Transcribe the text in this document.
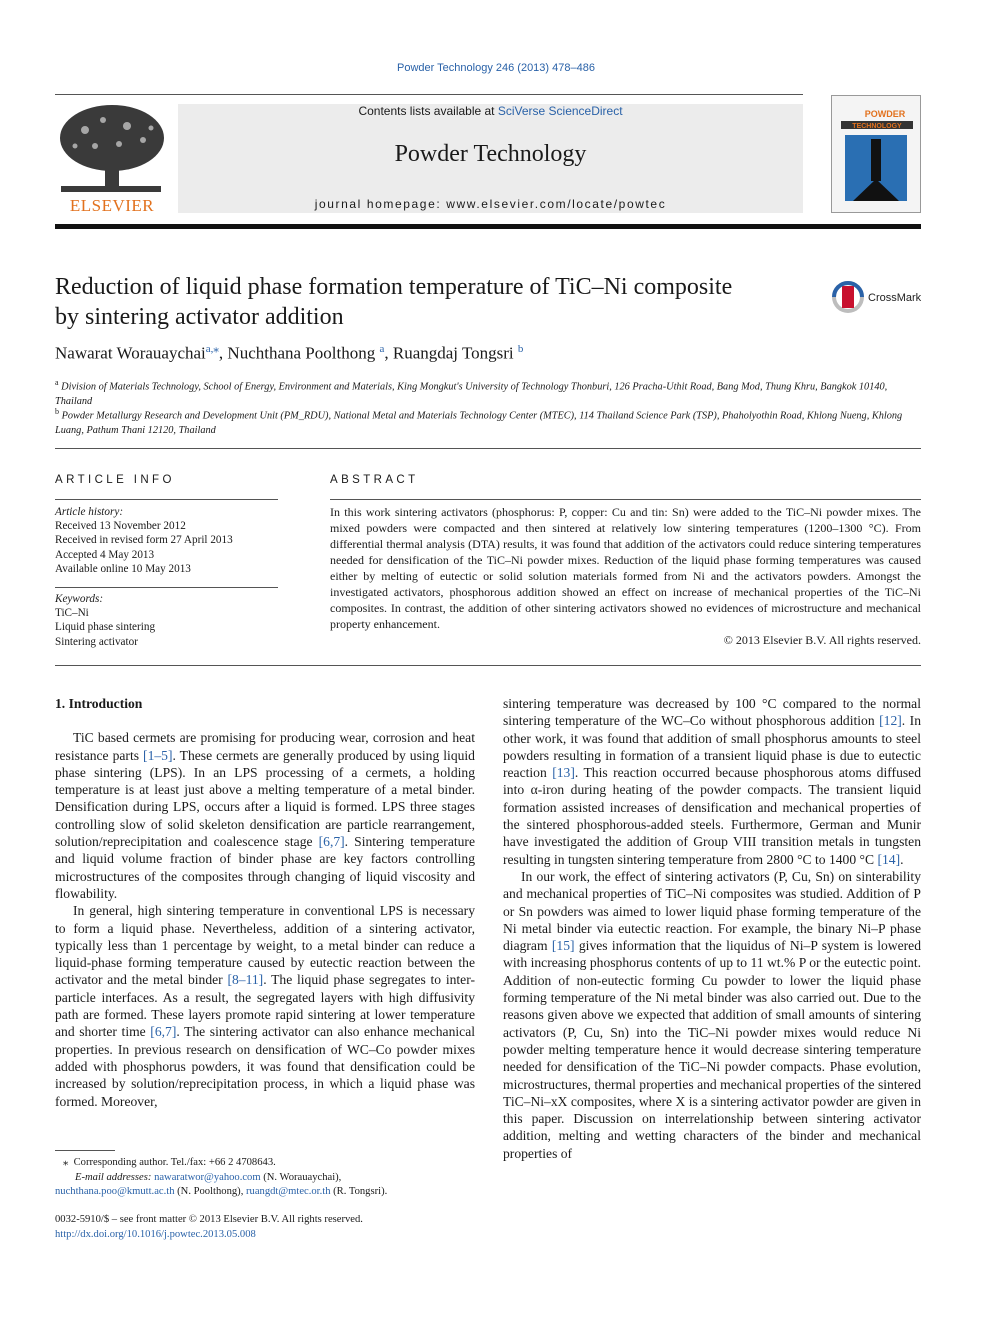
Powder Technology 246 (2013) 478–486
ELSEVIER
Contents lists available at SciVerse ScienceDirect
Powder Technology
journal homepage: www.elsevier.com/locate/powtec
POWDER
TECHNOLOGY
Reduction of liquid phase formation temperature of TiC–Ni composite
by sintering activator addition
CrossMark
Nawarat Worauaychai$^{a,⁎}$, Nuchthana Poolthong $^a$, Ruangdaj Tongsri $^b$
$^a$ Division of Materials Technology, School of Energy, Environment and Materials, King Mongkut's University of Technology Thonburi, 126 Pracha-Uthit Road, Bang Mod, Thung Khru, Bangkok 10140, Thailand
$^b$ Powder Metallurgy Research and Development Unit (PM_RDU), National Metal and Materials Technology Center (MTEC), 114 Thailand Science Park (TSP), Phaholyothin Road, Khlong Nueng, Khlong Luang, Pathum Thani 12120, Thailand
ARTICLE INFO
Article history:
Received 13 November 2012
Received in revised form 27 April 2013
Accepted 4 May 2013
Available online 10 May 2013
Keywords:
TiC–Ni
Liquid phase sintering
Sintering activator
ABSTRACT
In this work sintering activators (phosphorus: P, copper: Cu and tin: Sn) were added to the TiC–Ni powder mixes. The mixed powders were compacted and then sintered at relatively low sintering temperatures (1200–1300 °C). From differential thermal analysis (DTA) results, it was found that addition of the activators could reduce sintering temperatures needed for densification of the TiC–Ni powder mixes. Reduction of the liquid phase forming temperatures was caused either by melting of eutectic or solid solution materials formed from Ni and the activators powders. Amongst the investigated activators, phosphorous addition showed an effect on increase of mechanical properties of the TiC–Ni composites. In contrast, the addition of other sintering activators showed no evidences of microstructure and mechanical property enhancement.
© 2013 Elsevier B.V. All rights reserved.
1. Introduction

TiC based cermets are promising for producing wear, corrosion and heat resistance parts [1–5]. These cermets are generally produced by using liquid phase sintering (LPS). In an LPS processing of a cermets, a holding temperature is at least just above a melting temperature of a metal binder. Densification during LPS, occurs after a liquid is formed. LPS three stages controlling slow of solid skeleton densification are particle rearrangement, solution/reprecipitation and coalescence stage [6,7]. Sintering temperature and liquid volume fraction of binder phase are key factors controlling microstructures of the composites through changing of liquid viscosity and flowability.

In general, high sintering temperature in conventional LPS is necessary to form a liquid phase. Nevertheless, addition of a sintering activator, typically less than 1 percentage by weight, to a metal binder can reduce a liquid-phase forming temperature caused by eutectic reaction between the activator and the metal binder [8–11]. The liquid phase segregates to inter-particle interfaces. As a result, the segregated layers with high diffusivity path are formed. These layers promote rapid sintering at lower temperature and shorter time [6,7]. The sintering activator can also enhance mechanical properties. In previous research on densification of WC–Co powder mixes added with phosphorus powders, it was found that densification could be increased by solution/reprecipitation process, in which a liquid phase was formed. Moreover,

sintering temperature was decreased by 100 °C compared to the normal sintering temperature of the WC–Co without phosphorous addition [12]. In other work, it was found that addition of small phosphorus amounts to steel powders resulting in formation of a transient liquid phase is due to eutectic reaction [13]. This reaction occurred because phosphorous atoms diffused into α-iron during heating of the powder compacts. The transient liquid formation assisted increases of densification and mechanical properties of the sintered phosphorous-added steels. Furthermore, German and Munir have investigated the addition of Group VIII transition metals in tungsten resulting in tungsten sintering temperature from 2800 °C to 1400 °C [14].

In our work, the effect of sintering activators (P, Cu, Sn) on sinterability and mechanical properties of TiC–Ni composites was studied. Addition of P or Sn powders was aimed to lower liquid phase forming temperature of the Ni metal binder via eutectic reaction. For example, the binary Ni–P phase diagram [15] gives information that the liquidus of Ni–P system is lowered with increasing phosphorus contents of up to 11 wt.% P or the eutectic point. Addition of non-eutectic forming Cu powder to lower the liquid phase forming temperature of the Ni metal binder was also carried out. Due to the reasons given above we expected that addition of small amounts of sintering activators (P, Cu, Sn) into the TiC–Ni powder mixes would reduce Ni powder melting temperature hence it would decrease sintering temperature needed for densification of the TiC–Ni powder compacts. Phase evolution, microstructures, thermal properties and mechanical properties of the sintered TiC–Ni–xX composites, where X is a sintering activator powder are given in this paper. Discussion on interrelationship between sintering activator addition, melting and wetting characters of the binder and mechanical properties of

⁎ Corresponding author. Tel./fax: +66 2 4708643.
E-mail addresses: nawaratwor@yahoo.com (N. Worauaychai),
nuchthana.poo@kmutt.ac.th (N. Poolthong), ruangdt@mtec.or.th (R. Tongsri).
0032-5910/$ – see front matter © 2013 Elsevier B.V. All rights reserved.
http://dx.doi.org/10.1016/j.powtec.2013.05.008
